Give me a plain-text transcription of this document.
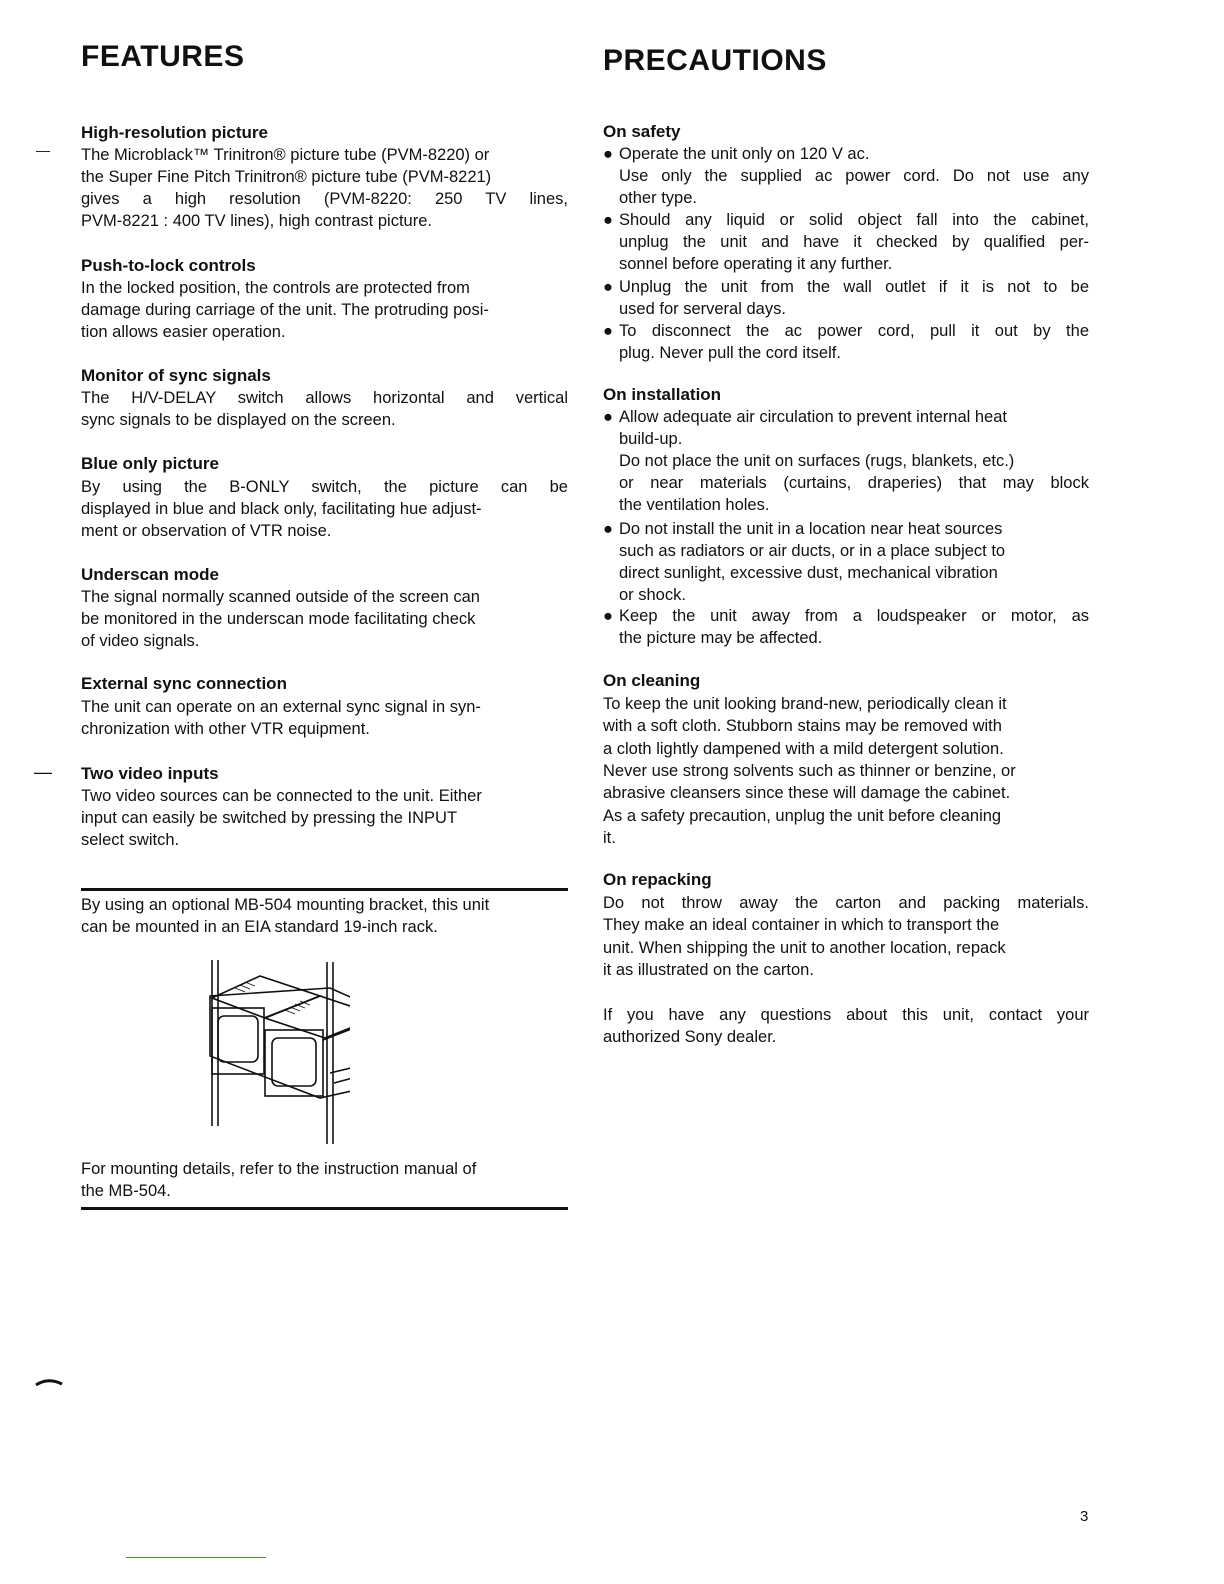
FEATURES

High-resolution picture

The Microblack™ Trinitron® picture tube (PVM-8220) or

the Super Fine Pitch Trinitron® picture tube (PVM-8221)

gives a high resolution (PVM-8220: 250 TV lines,

PVM-8221 : 400 TV lines), high contrast picture.

Push-to-lock controls

In the locked position, the controls are protected from

damage during carriage of the unit. The protruding posi-

tion allows easier operation.

Monitor of sync signals

The H/V-DELAY switch allows horizontal and vertical

sync signals to be displayed on the screen.

Blue only picture

By using the B-ONLY switch, the picture can be

displayed in blue and black only, facilitating hue adjust-

ment or observation of VTR noise.

Underscan mode

The signal normally scanned outside of the screen can

be monitored in the underscan mode facilitating check

of video signals.

External sync connection

The unit can operate on an external sync signal in syn-

chronization with other VTR equipment.

Two video inputs

Two video sources can be connected to the unit. Either

input can easily be switched by pressing the INPUT

select switch.

By using an optional MB-504 mounting bracket, this unit

can be mounted in an EIA standard 19-inch rack.

For mounting details, refer to the instruction manual of

the MB-504.

PRECAUTIONS

On safety

● Operate the unit only on 120 V ac.
Use only the supplied ac power cord. Do not use any
other type.
● Should any liquid or solid object fall into the cabinet,
unplug the unit and have it checked by qualified per-
sonnel before operating it any further.
● Unplug the unit from the wall outlet if it is not to be
used for serveral days.
● To disconnect the ac power cord, pull it out by the
plug. Never pull the cord itself.

On installation

● Allow adequate air circulation to prevent internal heat
build-up.
Do not place the unit on surfaces (rugs, blankets, etc.)
or near materials (curtains, draperies) that may block
the ventilation holes.
● Do not install the unit in a location near heat sources
such as radiators or air ducts, or in a place subject to
direct sunlight, excessive dust, mechanical vibration
or shock.
● Keep the unit away from a loudspeaker or motor, as
the picture may be affected.

On cleaning

To keep the unit looking brand-new, periodically clean it

with a soft cloth. Stubborn stains may be removed with

a cloth lightly dampened with a mild detergent solution.

Never use strong solvents such as thinner or benzine, or

abrasive cleansers since these will damage the cabinet.

As a safety precaution, unplug the unit before cleaning

it.

On repacking

Do not throw away the carton and packing materials.

They make an ideal container in which to transport the

unit. When shipping the unit to another location, repack

it as illustrated on the carton.

If you have any questions about this unit, contact your

authorized Sony dealer.

—
—
3
